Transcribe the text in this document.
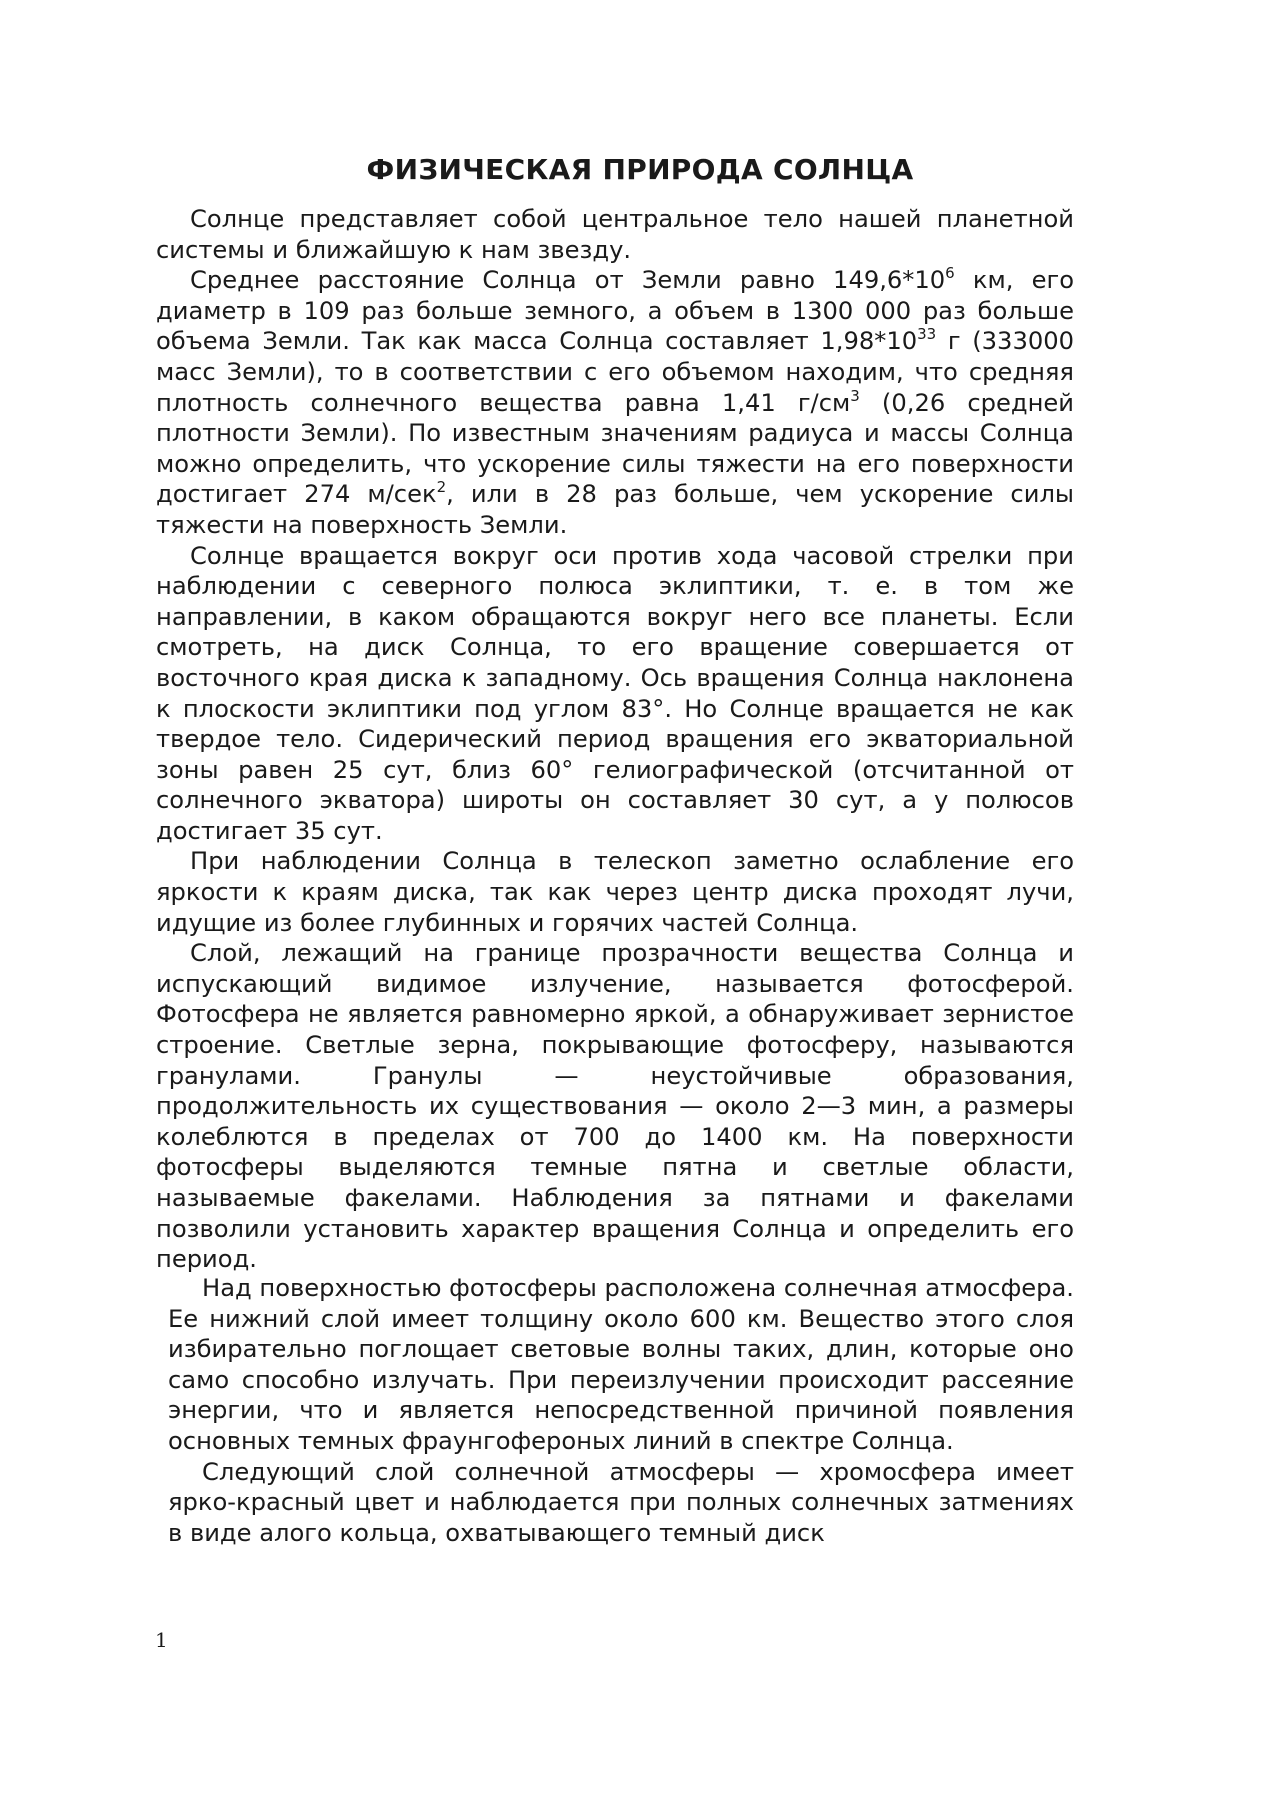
ФИЗИЧЕСКАЯ ПРИРОДА СОЛНЦА

Солнце представляет собой центральное тело нашей планетной системы и ближайшую к нам звезду.

Среднее расстояние Солнца от Земли равно $149,6*10^6$ км, его диаметр в 109 раз больше земного, а объем в 1300 000 раз больше объема Земли. Так как масса Солнца составляет $1,98*10^{33}$ г (333000 масс Земли), то в соответствии с его объемом находим, что средняя плотность солнечного вещества равна 1,41 $г/см^3$ (0,26 средней плотности Земли). По известным значениям радиуса и массы Солнца можно определить, что ускорение силы тяжести на его поверхности достигает 274 м/сек$^2$, или в 28 раз больше, чем ускорение силы тяжести на поверхность Земли.

Солнце вращается вокруг оси против хода часовой стрелки при наблюдении с северного полюса эклиптики, т. е. в том же направлении, в каком обращаются вокруг него все планеты. Если смотреть, на диск Солнца, то его вращение совершается от восточного края диска к западному. Ось вращения Солнца наклонена к плоскости эклиптики под углом 83°. Но Солнце вращается не как твердое тело. Сидерический период вращения его экваториальной зоны равен 25 сут, близ 60° гелиографической (отсчитанной от солнечного экватора) широты он составляет 30 сут, а у полюсов достигает 35 сут.

При наблюдении Солнца в телескоп заметно ослабление его яркости к краям диска, так как через центр диска проходят лучи, идущие из более глубинных и горячих частей Солнца.

Слой, лежащий на границе прозрачности вещества Солнца и испускающий видимое излучение, называется фотосферой. Фотосфера не является равномерно яркой, а обнаруживает зернистое строение. Светлые зерна, покрывающие фотосферу, называются гранулами. Гранулы — неустойчивые образования, продолжительность их существования — около 2—3 мин, а размеры колеблются в пределах от 700 до 1400 км. На поверхности фотосферы выделяются темные пятна и светлые области, называемые факелами. Наблюдения за пятнами и факелами позволили установить характер вращения Солнца и определить его период.

Над поверхностью фотосферы расположена солнечная атмосфера. Ее нижний слой имеет толщину около 600 км. Вещество этого слоя избирательно поглощает световые волны таких, длин, которые оно само способно излучать. При переизлучении происходит рассеяние энергии, что и является непосредственной причиной появления основных темных фраунгофероных линий в спектре Солнца.

Следующий слой солнечной атмосферы — хромосфера имеет ярко-красный цвет и наблюдается при полных солнечных затмениях в виде алого кольца, охватывающего темный диск

1
